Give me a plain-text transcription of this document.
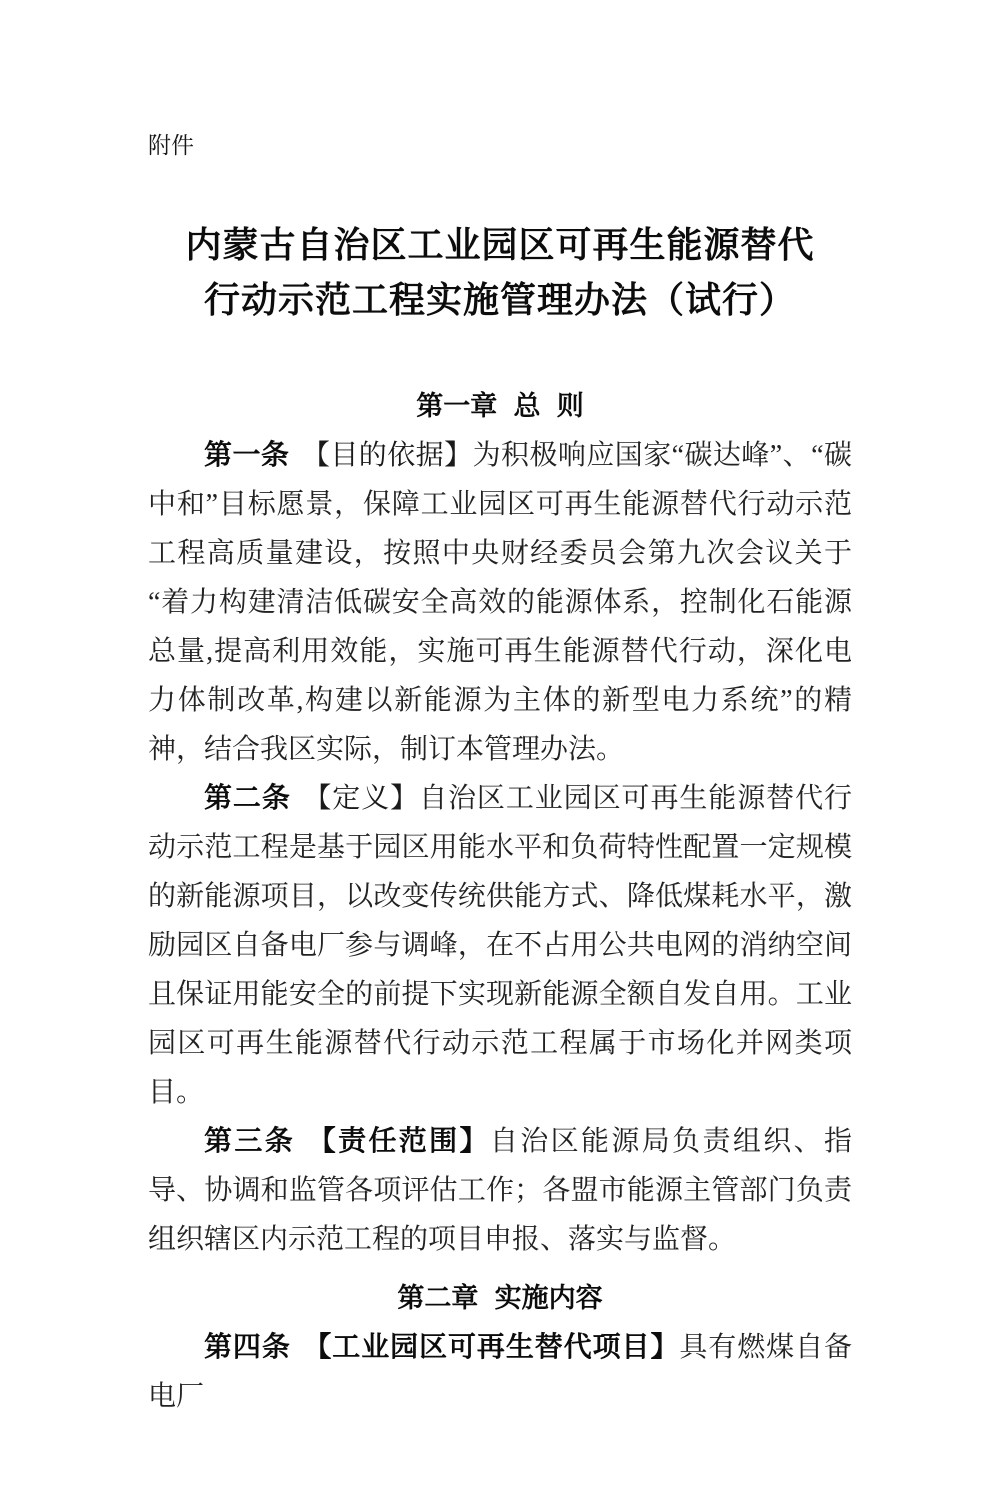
附件
内蒙古自治区工业园区可再生能源替代
行动示范工程实施管理办法（试行）
第一章 总 则

第一条 【目的依据】为积极响应国家“碳达峰”、“碳中和”目标愿景，保障工业园区可再生能源替代行动示范工程高质量建设，按照中央财经委员会第九次会议关于“着力构建清洁低碳安全高效的能源体系，控制化石能源总量,提高利用效能，实施可再生能源替代行动，深化电力体制改革,构建以新能源为主体的新型电力系统”的精神，结合我区实际，制订本管理办法。

第二条 【定义】自治区工业园区可再生能源替代行动示范工程是基于园区用能水平和负荷特性配置一定规模的新能源项目，以改变传统供能方式、降低煤耗水平，激励园区自备电厂参与调峰，在不占用公共电网的消纳空间且保证用能安全的前提下实现新能源全额自发自用。工业园区可再生能源替代行动示范工程属于市场化并网类项目。

第三条 【责任范围】自治区能源局负责组织、指导、协调和监管各项评估工作；各盟市能源主管部门负责组织辖区内示范工程的项目申报、落实与监督。

第二章 实施内容

第四条 【工业园区可再生替代项目】具有燃煤自备电厂
